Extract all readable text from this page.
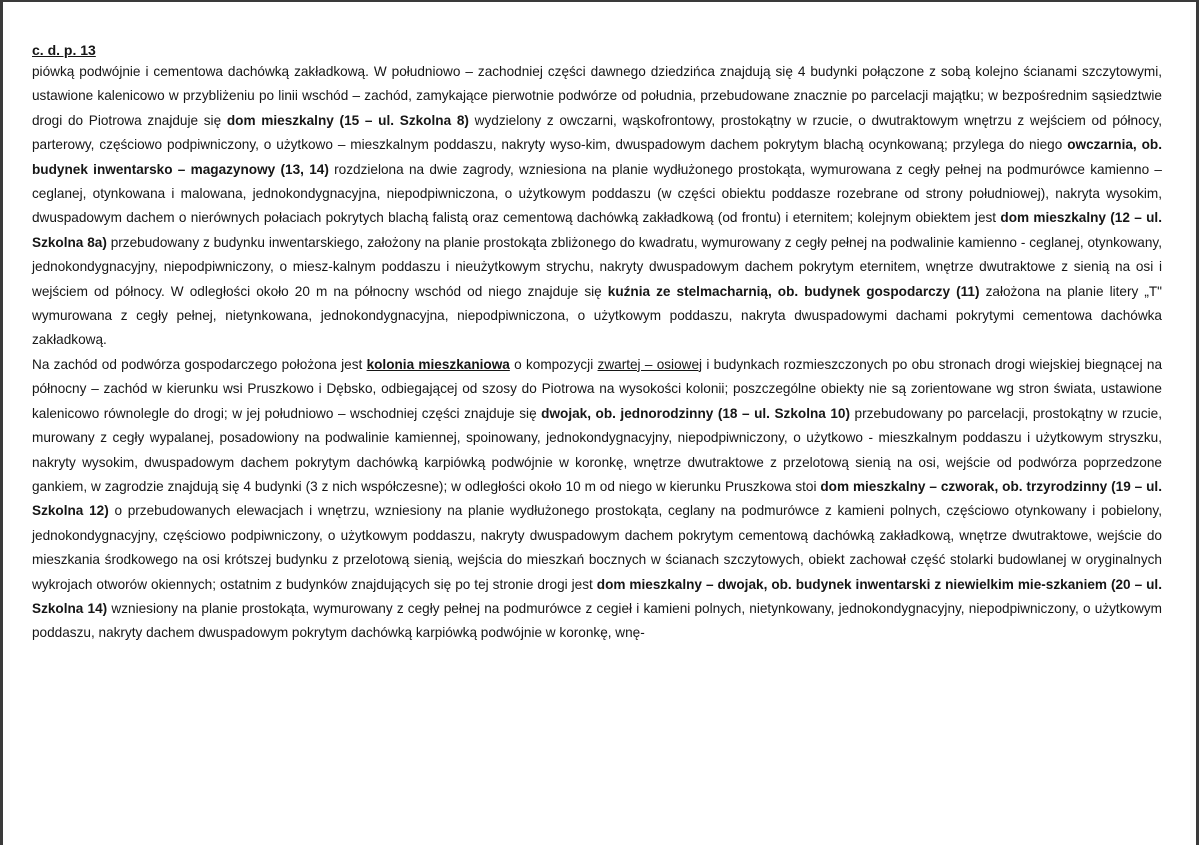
c. d. p. 13

piówką podwójnie i cementowa dachówką zakładkową. W południowo – zachodniej części dawnego dziedzińca znajdują się 4 budynki połączone z sobą kolejno ścianami szczytowymi, ustawione kalenicowo w przybliżeniu po linii wschód – zachód, zamykające pierwotnie podwórze od południa, przebudowane znacznie po parcelacji majątku; w bezpośrednim sąsiedztwie drogi do Piotrowa znajduje się dom mieszkalny (15 – ul. Szkolna 8) wydzielony z owczarni, wąskofrontowy, prostokątny w rzucie, o dwutraktowym wnętrzu z wejściem od północy, parterowy, częściowo podpiwniczony, o użytkowo – mieszkalnym poddaszu, nakryty wyso-kim, dwuspadowym dachem pokrytym blachą ocynkowaną; przylega do niego owczarnia, ob. budynek inwentarsko – magazynowy (13, 14) rozdzielona na dwie zagrody, wzniesiona na planie wydłużonego prostokąta, wymurowana z cegły pełnej na podmurówce kamienno – ceglanej, otynkowana i malowana, jednokondygnacyjna, niepodpiwniczona, o użytkowym poddaszu (w części obiektu poddasze rozebrane od strony południowej), nakryta wysokim, dwuspadowym dachem o nierównych połaciach pokrytych blachą falistą oraz cementową dachówką zakładkową (od frontu) i eternitem; kolejnym obiektem jest dom mieszkalny (12 – ul. Szkolna 8a) przebudowany z budynku inwentarskiego, założony na planie prostokąta zbliżonego do kwadratu, wymurowany z cegły pełnej na podwalinie kamienno - ceglanej, otynkowany, jednokondygnacyjny, niepodpiwniczony, o miesz-kalnym poddaszu i nieużytkowym strychu, nakryty dwuspadowym dachem pokrytym eternitem, wnętrze dwutraktowe z sienią na osi i wejściem od północy. W odległości około 20 m na północny wschód od niego znajduje się kuźnia ze stelmacharnią, ob. budynek gospodarczy (11) założona na planie litery „T" wymurowana z cegły pełnej, nietynkowana, jednokondygnacyjna, niepodpiwniczona, o użytkowym poddaszu, nakryta dwuspadowymi dachami pokrytymi cementowa dachówka zakładkową.

Na zachód od podwórza gospodarczego położona jest kolonia mieszkaniowa o kompozycji zwartej – osiowej i budynkach rozmieszczonych po obu stronach drogi wiejskiej biegnącej na północny – zachód w kierunku wsi Pruszkowo i Dębsko, odbiegającej od szosy do Piotrowa na wysokości kolonii; poszczególne obiekty nie są zorientowane wg stron świata, ustawione kalenicowo równolegle do drogi; w jej południowo – wschodniej części znajduje się dwojak, ob. jednorodzinny (18 – ul. Szkolna 10) przebudowany po parcelacji, prostokątny w rzucie, murowany z cegły wypalanej, posadowiony na podwalinie kamiennej, spoinowany, jednokondygnacyjny, niepodpiwniczony, o użytkowo - mieszkalnym poddaszu i użytkowym stryszku, nakryty wysokim, dwuspadowym dachem pokrytym dachówką karpiówką podwójnie w koronkę, wnętrze dwutraktowe z przelotową sienią na osi, wejście od podwórza poprzedzone gankiem, w zagrodzie znajdują się 4 budynki (3 z nich współczesne); w odległości około 10 m od niego w kierunku Pruszkowa stoi dom mieszkalny – czworak, ob. trzyrodzinny (19 – ul. Szkolna 12) o przebudowanych elewacjach i wnętrzu, wzniesiony na planie wydłużonego prostokąta, ceglany na podmurówce z kamieni polnych, częściowo otynkowany i pobielony, jednokondygnacyjny, częściowo podpiwniczony, o użytkowym poddaszu, nakryty dwuspadowym dachem pokrytym cementową dachówką zakładkową, wnętrze dwutraktowe, wejście do mieszkania środkowego na osi krótszej budynku z przelotową sienią, wejścia do mieszkań bocznych w ścianach szczytowych, obiekt zachował część stolarki budowlanej w oryginalnych wykrojach otworów okiennych; ostatnim z budynków znajdujących się po tej stronie drogi jest dom mieszkalny – dwojak, ob. budynek inwentarski z niewielkim mie-szkaniem (20 – ul. Szkolna 14) wzniesiony na planie prostokąta, wymurowany z cegły pełnej na podmurówce z cegieł i kamieni polnych, nietynkowany, jednokondygnacyjny, niepodpiwniczony, o użytkowym poddaszu, nakryty dachem dwuspadowym pokrytym dachówką karpiówką podwójnie w koronkę, wnę-
